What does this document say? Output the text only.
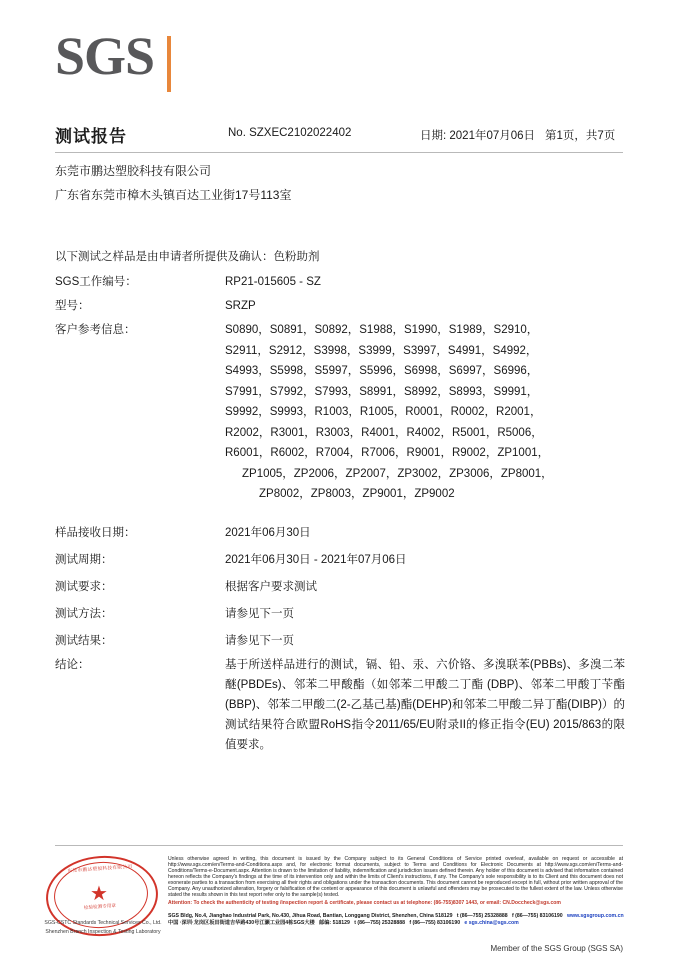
SGS
测试报告	No. SZXEC2102022402	日期: 2021年07月06日 第1页，共7页
东莞市鹏达塑胶科技有限公司
广东省东莞市樟木头镇百达工业街17号113室
以下测试之样品是由申请者所提供及确认：色粉助剂
SGS工作编号：	RP21-015605 - SZ
型号：	SRZP
客户参考信息：	S0890，S0891，S0892，S1988，S1990，S1989，S2910，
S2911，S2912，S3998，S3999，S3997，S4991，S4992，
S4993，S5998，S5997，S5996，S6998，S6997，S6996，
S7991，S7992，S7993，S8991，S8992，S8993，S9991，
S9992，S9993，R1003，R1005，R0001，R0002，R2001，
R2002，R3001，R3003，R4001，R4002，R5001，R5006，
R6001，R6002，R7004，R7006，R9001，R9002，ZP1001，
ZP1005，ZP2006，ZP2007，ZP3002，ZP3006，ZP8001，
ZP8002，ZP8003，ZP9001，ZP9002
样品接收日期：	2021年06月30日
测试周期：	2021年06月30日 - 2021年07月06日
测试要求：	根据客户要求测试
测试方法：	请参见下一页
测试结果：	请参见下一页
结论：	基于所送样品进行的测试，镉、铅、汞、六价铬、多溴联苯(PBBs)、多溴二苯醚(PBDEs)、邻苯二甲酸酯（如邻苯二甲酸二丁酯 (DBP)、邻苯二甲酸丁苄酯(BBP)、邻苯二甲酸二(2-乙基己基)酯(DEHP)和邻苯二甲酸二异丁酯(DIBP)）的测试结果符合欧盟RoHS指令2011/65/EU附录II的修正指令(EU) 2015/863的限值要求。
东莞市鹏达塑胶科技有限公司
★
检验检测专用章
SGS-CSTC Standards Technical Services Co., Ltd.
Shenzhen Branch Inspection & Testing Laboratory
Unless otherwise agreed in writing, this document is issued by the Company subject to its General Conditions of Service printed overleaf, available on request or accessible at http://www.sgs.com/en/Terms-and-Conditions.aspx and, for electronic format documents, subject to Terms and Conditions for Electronic Documents at http://www.sgs.com/en/Terms-and-Conditions/Terms-e-Document.aspx. Attention is drawn to the limitation of liability, indemnification and jurisdiction issues defined therein. Any holder of this document is advised that information contained hereon reflects the Company's findings at the time of its intervention only and within the limits of Client's instructions, if any. The Company's sole responsibility is to its Client and this document does not exonerate parties to a transaction from exercising all their rights and obligations under the transaction documents. This document cannot be reproduced except in full, without prior written approval of the Company. Any unauthorized alteration, forgery or falsification of the content or appearance of this document is unlawful and offenders may be prosecuted to the fullest extent of the law. Unless otherwise stated the results shown in this test report refer only to the sample(s) tested.
Attention: To check the authenticity of testing /inspection report & certificate, please contact us at telephone: (86-755)8307 1443, or email: CN.Doccheck@sgs.com
SGS Bldg, No.4, Jianghao Industrial Park, No.430, Jihua Road, Bantian, Longgang District, Shenzhen, China 518129 t (86—755) 25328888 f (86—755) 83106190 www.sgsgroup.com.cn
中国 ·深圳·龙岗区坂田街道吉华路430号江灏工业园4栋SGS大楼 邮编: 518129 t (86—755) 25328888 f (86—755) 83106190 e sgs.china@sgs.com
Member of the SGS Group (SGS SA)
